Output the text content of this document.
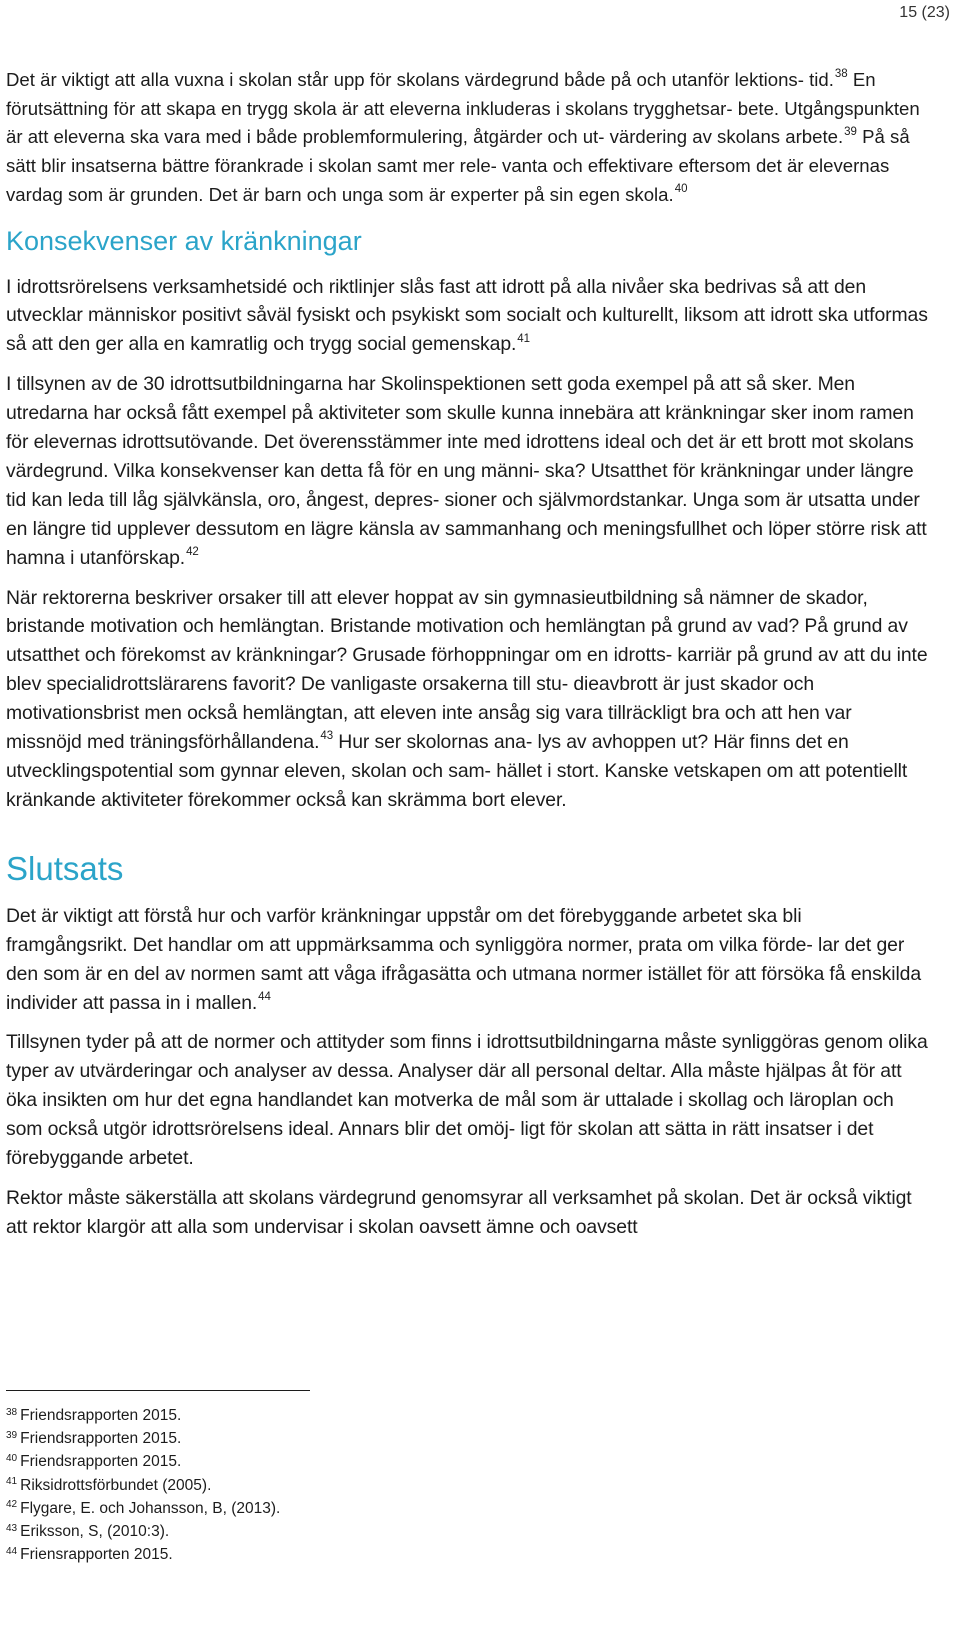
15 (23)

Det är viktigt att alla vuxna i skolan står upp för skolans värdegrund både på och utanför lektions- tid.$^{38}$ En förutsättning för att skapa en trygg skola är att eleverna inkluderas i skolans trygghetsar- bete. Utgångspunkten är att eleverna ska vara med i både problemformulering, åtgärder och ut- värdering av skolans arbete.$^{39}$ På så sätt blir insatserna bättre förankrade i skolan samt mer rele- vanta och effektivare eftersom det är elevernas vardag som är grunden. Det är barn och unga som är experter på sin egen skola.$^{40}$

Konsekvenser av kränkningar

I idrottsrörelsens verksamhetsidé och riktlinjer slås fast att idrott på alla nivåer ska bedrivas så att den utvecklar människor positivt såväl fysiskt och psykiskt som socialt och kulturellt, liksom att idrott ska utformas så att den ger alla en kamratlig och trygg social gemenskap.$^{41}$

I tillsynen av de 30 idrottsutbildningarna har Skolinspektionen sett goda exempel på att så sker. Men utredarna har också fått exempel på aktiviteter som skulle kunna innebära att kränkningar sker inom ramen för elevernas idrottsutövande. Det överensstämmer inte med idrottens ideal och det är ett brott mot skolans värdegrund. Vilka konsekvenser kan detta få för en ung männi- ska? Utsatthet för kränkningar under längre tid kan leda till låg självkänsla, oro, ångest, depres- sioner och självmordstankar. Unga som är utsatta under en längre tid upplever dessutom en lägre känsla av sammanhang och meningsfullhet och löper större risk att hamna i utanförskap.$^{42}$

När rektorerna beskriver orsaker till att elever hoppat av sin gymnasieutbildning så nämner de skador, bristande motivation och hemlängtan. Bristande motivation och hemlängtan på grund av vad? På grund av utsatthet och förekomst av kränkningar? Grusade förhoppningar om en idrotts- karriär på grund av att du inte blev specialidrottslärarens favorit? De vanligaste orsakerna till stu- dieavbrott är just skador och motivationsbrist men också hemlängtan, att eleven inte ansåg sig vara tillräckligt bra och att hen var missnöjd med träningsförhållandena.$^{43}$ Hur ser skolornas ana- lys av avhoppen ut? Här finns det en utvecklingspotential som gynnar eleven, skolan och sam- hället i stort. Kanske vetskapen om att potentiellt kränkande aktiviteter förekommer också kan skrämma bort elever.

Slutsats

Det är viktigt att förstå hur och varför kränkningar uppstår om det förebyggande arbetet ska bli framgångsrikt. Det handlar om att uppmärksamma och synliggöra normer, prata om vilka förde- lar det ger den som är en del av normen samt att våga ifrågasätta och utmana normer istället för att försöka få enskilda individer att passa in i mallen.$^{44}$

Tillsynen tyder på att de normer och attityder som finns i idrottsutbildningarna måste synliggöras genom olika typer av utvärderingar och analyser av dessa. Analyser där all personal deltar. Alla måste hjälpas åt för att öka insikten om hur det egna handlandet kan motverka de mål som är uttalade i skollag och läroplan och som också utgör idrottsrörelsens ideal. Annars blir det omöj- ligt för skolan att sätta in rätt insatser i det förebyggande arbetet.

Rektor måste säkerställa att skolans värdegrund genomsyrar all verksamhet på skolan. Det är också viktigt att rektor klargör att alla som undervisar i skolan oavsett ämne och oavsett

$^{38}$ Friendsrapporten 2015.
$^{39}$ Friendsrapporten 2015.
$^{40}$ Friendsrapporten 2015.
$^{41}$ Riksidrottsförbundet (2005).
$^{42}$ Flygare, E. och Johansson, B, (2013).
$^{43}$ Eriksson, S, (2010:3).
$^{44}$ Friensrapporten 2015.
